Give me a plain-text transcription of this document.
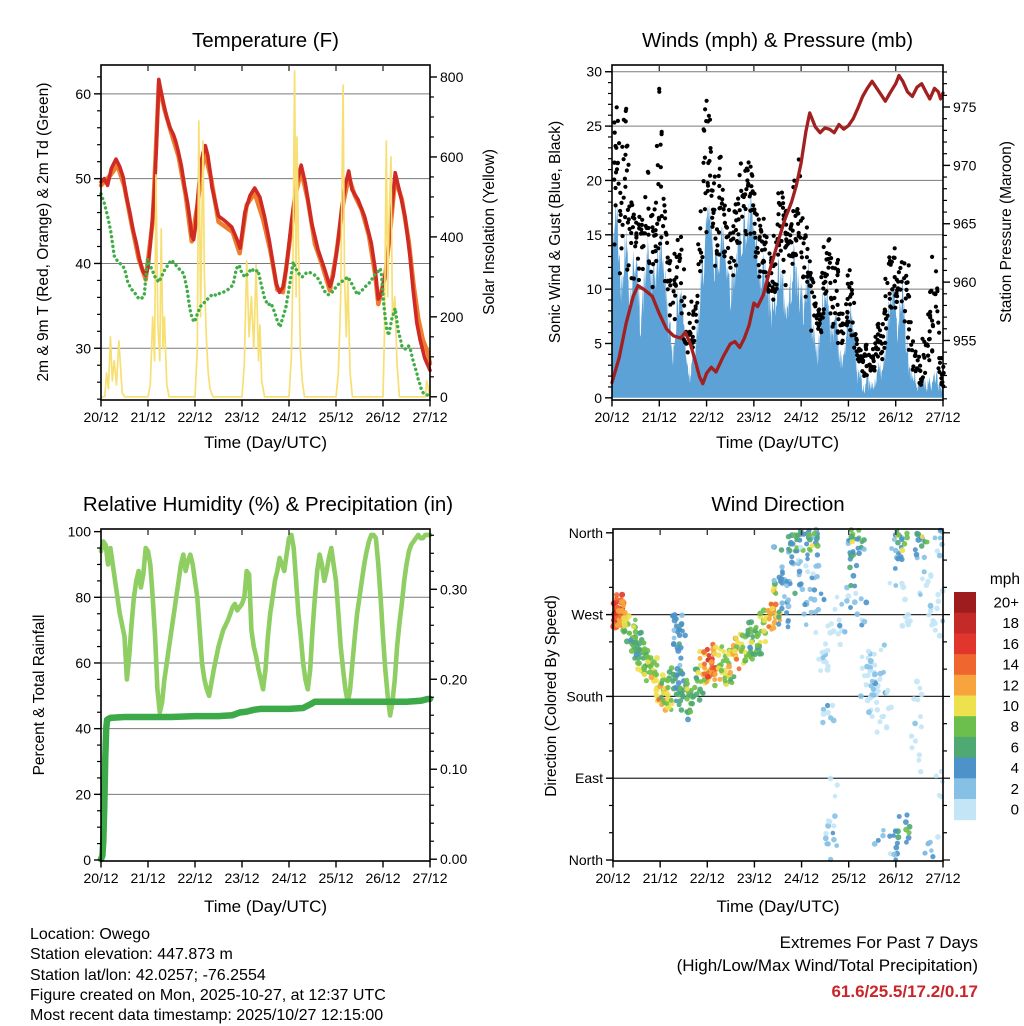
20/12 21/12 22/12 23/12 24/12 25/12 26/12 27/12
30
40
50
60
0
200
400
600
800
20/12 21/12 22/12 23/12 24/12 25/12 26/12 27/12
0
5
10
15
20
25
30
955
960
965
970
975
20/12 21/12 22/12 23/12 24/12 25/12 26/12 27/12
0
20
40
60
80
100
0.00
0.10
0.20
0.30
20/12 21/12 22/12 23/12 24/12 25/12 26/12 27/12
North
East
South
West
North
mph
20+
18
16
14
12
10
8
6
4
2
0
Temperature (F)	Winds (mph) & Pressure (mb)
Relative Humidity (%) & Precipitation (in)	Wind Direction
Time (Day/UTC)	Time (Day/UTC)
Time (Day/UTC)	Time (Day/UTC)
2m & 9m T (Red, Orange) & 2m Td (Green)	Solar Insolation (Yellow)	Sonic Wind & Gust (Blue, Black)	Station Pressure (Maroon)
Percent & Total Rainfall	Direction (Colored By Speed)
Location: Owego
Station elevation: 447.873 m
Station lat/lon: 42.0257; -76.2554
Figure created on Mon, 2025-10-27, at 12:37 UTC
Most recent data timestamp: 2025/10/27 12:15:00
Extremes For Past 7 Days
(High/Low/Max Wind/Total Precipitation)
61.6/25.5/17.2/0.17
